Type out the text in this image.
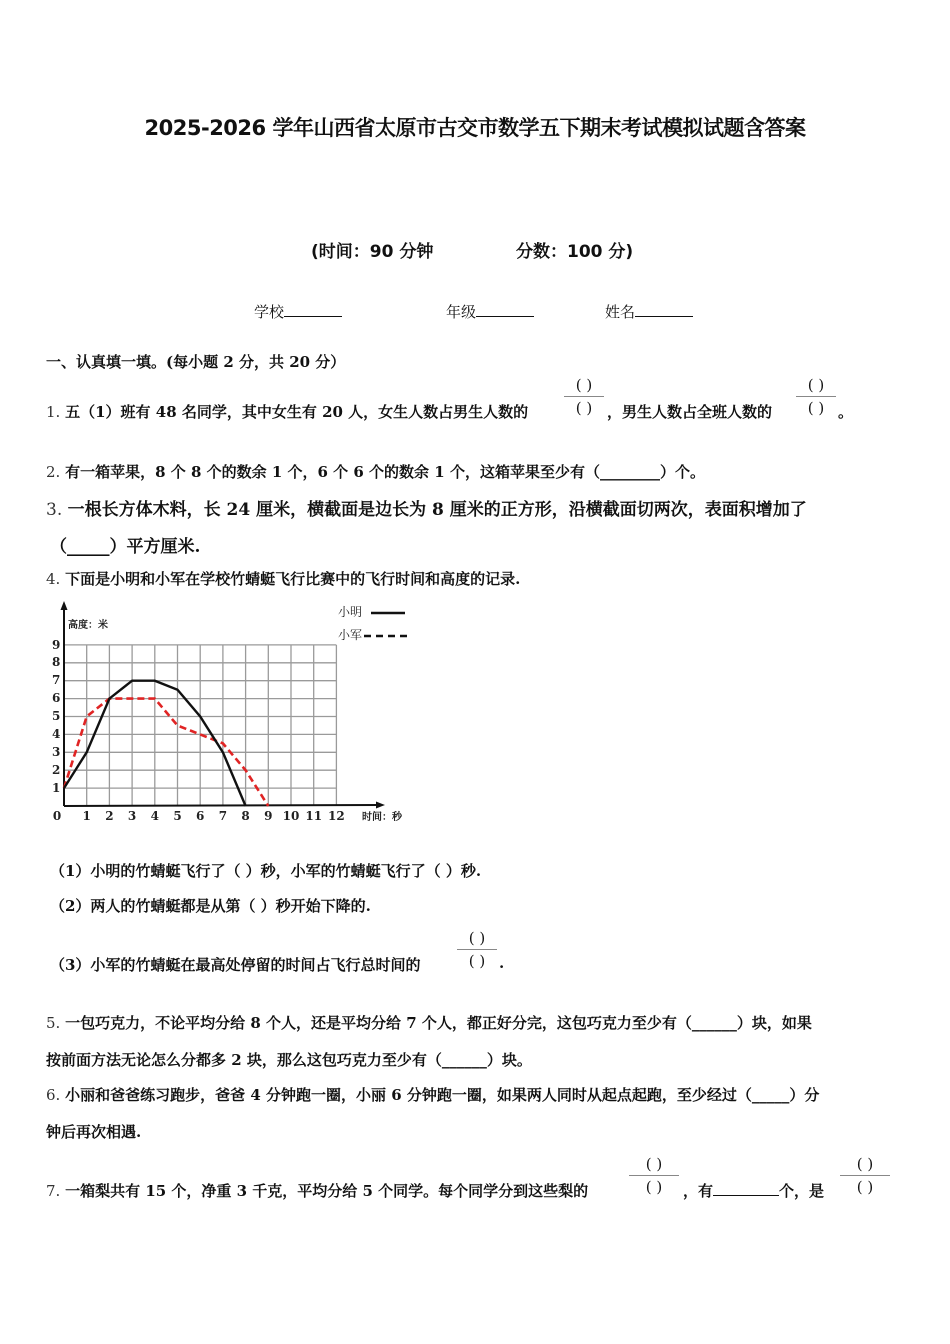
2025-2026 学年山西省太原市古交市数学五下期末考试模拟试题含答案
(时间：90 分钟	分数：100 分)
学校	年级	姓名
一、认真填一填。(每小题 2 分，共 20 分）
1. 五（1）班有 48 名同学，其中女生有 20 人，女生人数占男生人数的
( )
( ) ，男生人数占全班人数的
( )
( ) 。
2. 有一箱苹果，8 个 8 个的数余 1 个，6 个 6 个的数余 1 个，这箱苹果至少有（________）个。
3. 一根长方体木料，长 24 厘米，横截面是边长为 8 厘米的正方形，沿横截面切两次，表面积增加了
（_____）平方厘米.
4. 下面是小明和小军在学校竹蜻蜓飞行比赛中的飞行时间和高度的记录.
高度：米
1
2
3
4
5
6
7
8
9
0 1 2 3 4 5 6 7 8 9 10 11 12 时间：秒
小明
小军
（1）小明的竹蜻蜓飞行了（ ）秒，小军的竹蜻蜓飞行了（ ）秒.
（2）两人的竹蜻蜓都是从第（ ）秒开始下降的.
（3）小军的竹蜻蜓在最高处停留的时间占飞行总时间的
( )
( ) .
5. 一包巧克力，不论平均分给 8 个人，还是平均分给 7 个人，都正好分完，这包巧克力至少有（______）块，如果
按前面方法无论怎么分都多 2 块，那么这包巧克力至少有（______）块。
6. 小丽和爸爸练习跑步，爸爸 4 分钟跑一圈，小丽 6 分钟跑一圈，如果两人同时从起点起跑，至少经过（_____）分
钟后再次相遇.
7. 一箱梨共有 15 个，净重 3 千克，平均分给 5 个同学。每个同学分到这些梨的
( )
( )	，有	个，是
( )
( )
